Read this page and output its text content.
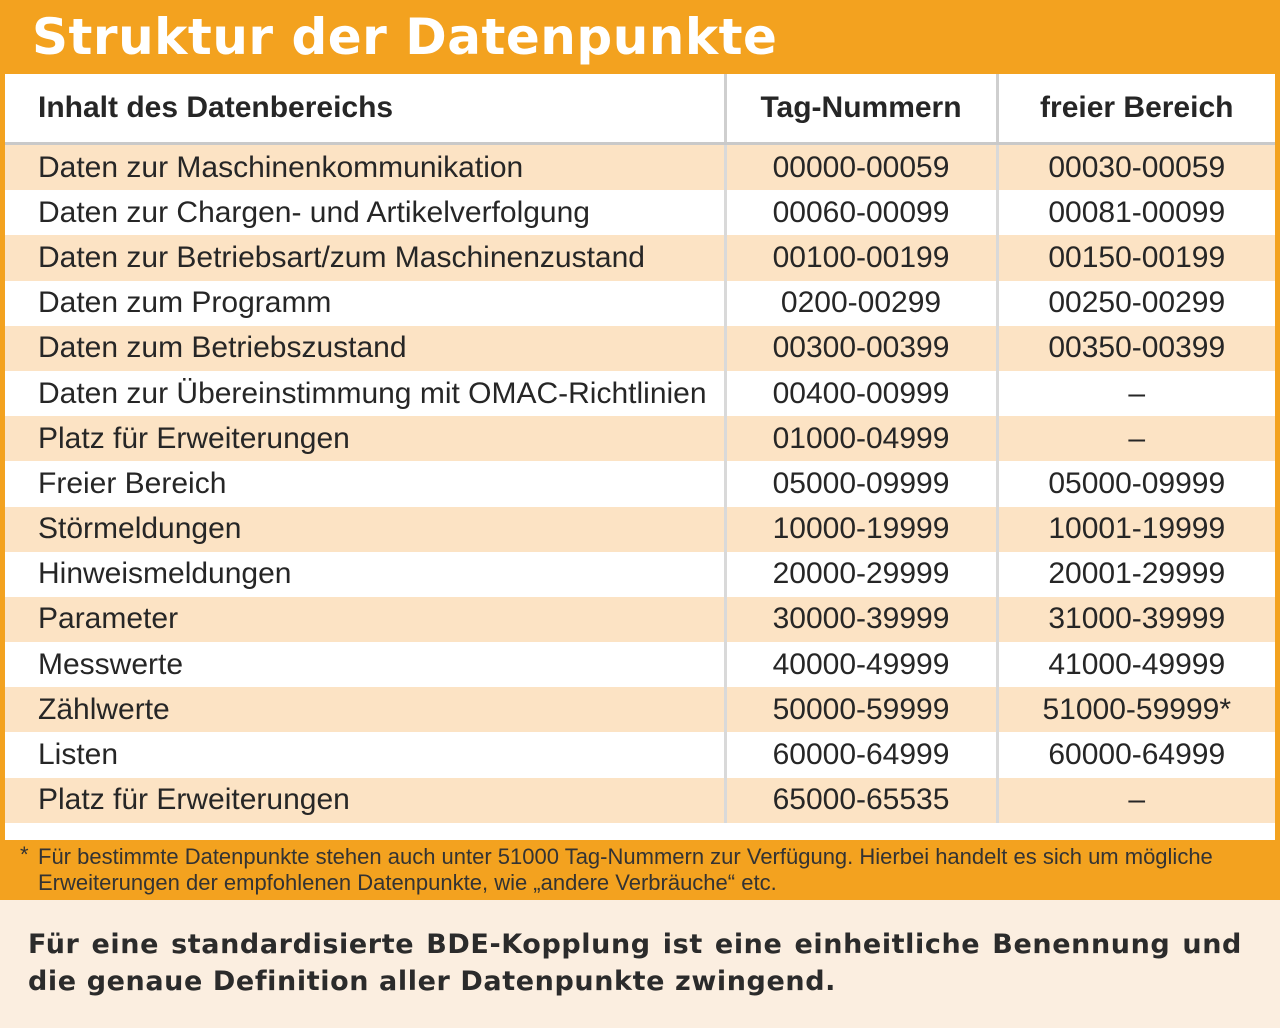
Struktur der Datenpunkte
Inhalt des Datenbereichs	Tag-Nummern	freier Bereich
Daten zur Maschinenkommunikation	00000-00059	00030-00059
Daten zur Chargen- und Artikelverfolgung	00060-00099	00081-00099
Daten zur Betriebsart/zum Maschinenzustand	00100-00199	00150-00199
Daten zum Programm	0200-00299	00250-00299
Daten zum Betriebszustand	00300-00399	00350-00399
Daten zur Übereinstimmung mit OMAC-Richtlinien	00400-00999	–
Platz für Erweiterungen	01000-04999	–
Freier Bereich	05000-09999	05000-09999
Störmeldungen	10000-19999	10001-19999
Hinweismeldungen	20000-29999	20001-29999
Parameter	30000-39999	31000-39999
Messwerte	40000-49999	41000-49999
Zählwerte	50000-59999	51000-59999*
Listen	60000-64999	60000-64999
Platz für Erweiterungen	65000-65535	–
* Für bestimmte Datenpunkte stehen auch unter 51000 Tag-Nummern zur Verfügung. Hierbei handelt es sich um mögliche Erweiterungen der empfohlenen Datenpunkte, wie „andere Verbräuche“ etc.
Für eine standardisierte BDE-Kopplung ist eine einheitliche Benennung und die genaue Definition aller Datenpunkte zwingend.
